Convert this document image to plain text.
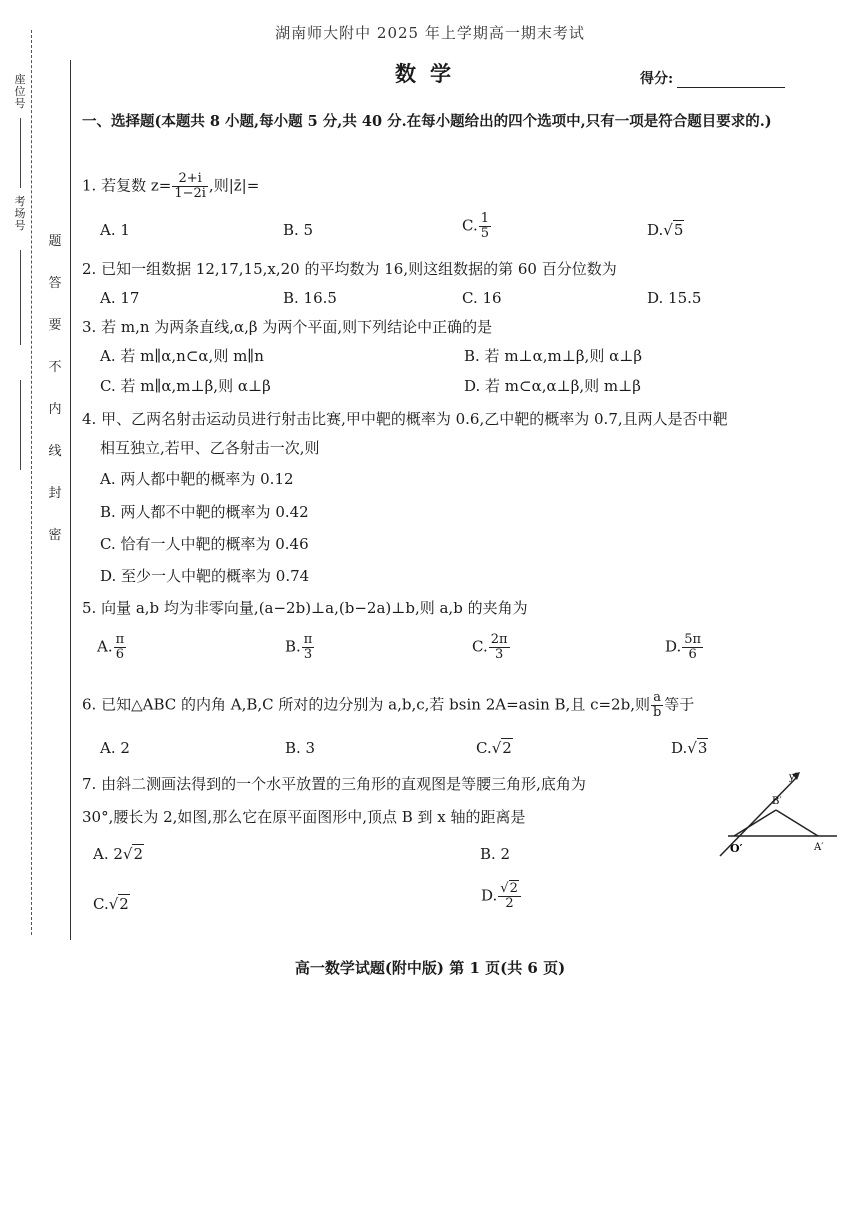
湖南师大附中 2025 年上学期高一期末考试
数学	得分:
座位号
考场号
题
答
要
不
内
线
封
密
一、选择题(本题共 8 小题,每小题 5 分,共 40 分.在每小题给出的四个选项中,只有一项是符合题目要求的.)
1. 若复数 $z= \frac{2+i}{1-2i}$ ,则|z̄|=
A. 1	B. 5	C. $\frac{1}{5}$	D.√5
2. 已知一组数据 12,17,15,x,20 的平均数为 16,则这组数据的第 60 百分位数为
A. 17	B. 16.5	C. 16	D. 15.5
3. 若 m,n 为两条直线,α,β 为两个平面,则下列结论中正确的是
A. 若 m∥α,n⊂α,则 m∥n	B. 若 m⊥α,m⊥β,则 α⊥β
C. 若 m∥α,m⊥β,则 α⊥β	D. 若 m⊂α,α⊥β,则 m⊥β
4. 甲、乙两名射击运动员进行射击比赛,甲中靶的概率为 0.6,乙中靶的概率为 0.7,且两人是否中靶
相互独立,若甲、乙各射击一次,则
A. 两人都中靶的概率为 0.12
B. 两人都不中靶的概率为 0.42
C. 恰有一人中靶的概率为 0.46
D. 至少一人中靶的概率为 0.74
5. 向量 a,b 均为非零向量,(a−2b)⊥a,(b−2a)⊥b,则 a,b 的夹角为
A. $\frac{\pi}{6}$	B. $\frac{\pi}{3}$	C. $\frac{2\pi}{3}$	D. $\frac{5\pi}{6}$
6. 已知△ABC 的内角 A,B,C 所对的边分别为 a,b,c,若 bsin 2A=asin B,且 c=2b,则 $\frac{a}{b}$ 等于
A. 2	B. 3	C.√2	D.√3
7. 由斜二测画法得到的一个水平放置的三角形的直观图是等腰三角形,底角为
30°,腰长为 2,如图,那么它在原平面图形中,顶点 B 到 x 轴的距离是
A. 2√2	B. 2
C.√2	D. $\frac{√2}{2}$
y′
B′
O′	A′
高一数学试题(附中版) 第 1 页(共 6 页)
